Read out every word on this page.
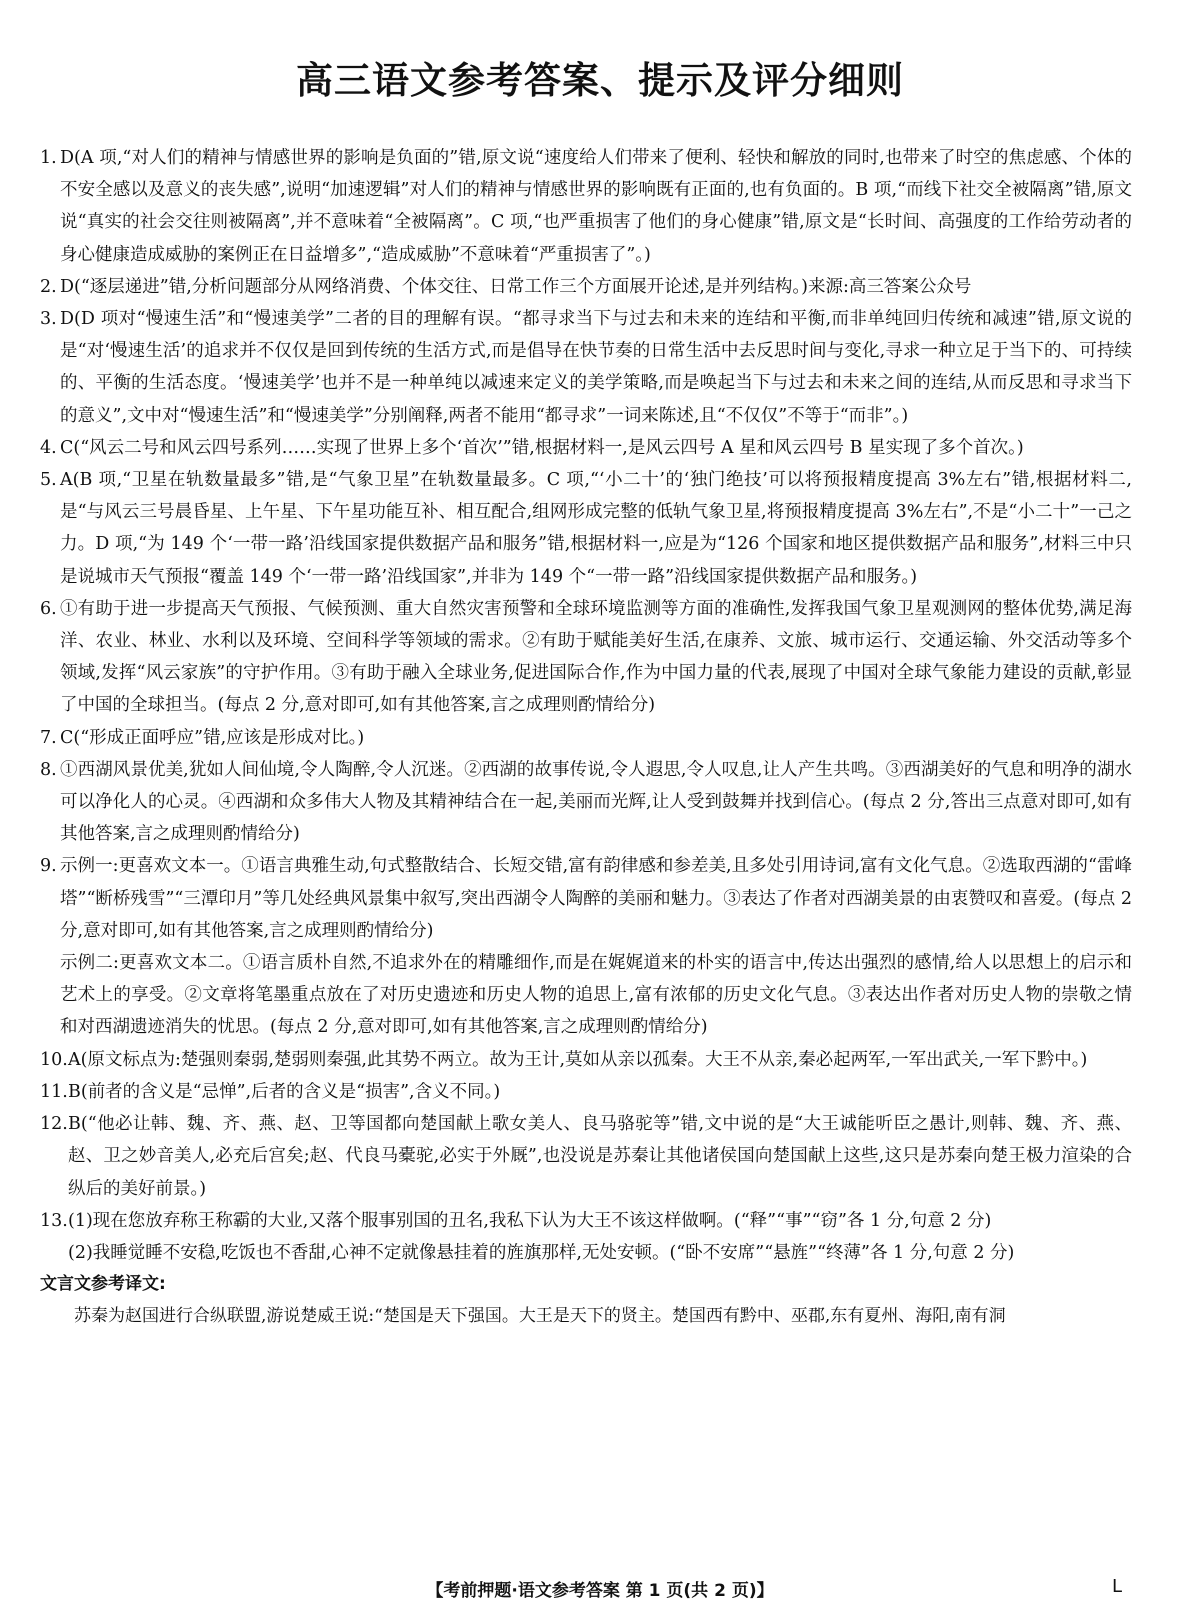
高三语文参考答案、提示及评分细则
1. D(A 项,“对人们的精神与情感世界的影响是负面的”错,原文说“速度给人们带来了便利、轻快和解放的同时,也带来了时空的焦虑感、个体的不安全感以及意义的丧失感”,说明“加速逻辑”对人们的精神与情感世界的影响既有正面的,也有负面的。B 项,“而线下社交全被隔离”错,原文说“真实的社会交往则被隔离”,并不意味着“全被隔离”。C 项,“也严重损害了他们的身心健康”错,原文是“长时间、高强度的工作给劳动者的身心健康造成威胁的案例正在日益增多”,“造成威胁”不意味着“严重损害了”。)
2. D(“逐层递进”错,分析问题部分从网络消费、个体交往、日常工作三个方面展开论述,是并列结构。)来源:高三答案公众号
3. D(D 项对“慢速生活”和“慢速美学”二者的目的理解有误。“都寻求当下与过去和未来的连结和平衡,而非单纯回归传统和减速”错,原文说的是“对‘慢速生活’的追求并不仅仅是回到传统的生活方式,而是倡导在快节奏的日常生活中去反思时间与变化,寻求一种立足于当下的、可持续的、平衡的生活态度。‘慢速美学’也并不是一种单纯以减速来定义的美学策略,而是唤起当下与过去和未来之间的连结,从而反思和寻求当下的意义”,文中对“慢速生活”和“慢速美学”分别阐释,两者不能用“都寻求”一词来陈述,且“不仅仅”不等于“而非”。)
4. C(“风云二号和风云四号系列……实现了世界上多个‘首次’”错,根据材料一,是风云四号 A 星和风云四号 B 星实现了多个首次。)
5. A(B 项,“卫星在轨数量最多”错,是“气象卫星”在轨数量最多。C 项,“‘小二十’的‘独门绝技’可以将预报精度提高 3%左右”错,根据材料二,是“与风云三号晨昏星、上午星、下午星功能互补、相互配合,组网形成完整的低轨气象卫星,将预报精度提高 3%左右”,不是“小二十”一己之力。D 项,“为 149 个‘一带一路’沿线国家提供数据产品和服务”错,根据材料一,应是为“126 个国家和地区提供数据产品和服务”,材料三中只是说城市天气预报“覆盖 149 个‘一带一路’沿线国家”,并非为 149 个“一带一路”沿线国家提供数据产品和服务。)
6. ①有助于进一步提高天气预报、气候预测、重大自然灾害预警和全球环境监测等方面的准确性,发挥我国气象卫星观测网的整体优势,满足海洋、农业、林业、水利以及环境、空间科学等领域的需求。②有助于赋能美好生活,在康养、文旅、城市运行、交通运输、外交活动等多个领域,发挥“风云家族”的守护作用。③有助于融入全球业务,促进国际合作,作为中国力量的代表,展现了中国对全球气象能力建设的贡献,彰显了中国的全球担当。(每点 2 分,意对即可,如有其他答案,言之成理则酌情给分)
7. C(“形成正面呼应”错,应该是形成对比。)
8. ①西湖风景优美,犹如人间仙境,令人陶醉,令人沉迷。②西湖的故事传说,令人遐思,令人叹息,让人产生共鸣。③西湖美好的气息和明净的湖水可以净化人的心灵。④西湖和众多伟大人物及其精神结合在一起,美丽而光辉,让人受到鼓舞并找到信心。(每点 2 分,答出三点意对即可,如有其他答案,言之成理则酌情给分)
9. 示例一:更喜欢文本一。①语言典雅生动,句式整散结合、长短交错,富有韵律感和参差美,且多处引用诗词,富有文化气息。②选取西湖的“雷峰塔”“断桥残雪”“三潭印月”等几处经典风景集中叙写,突出西湖令人陶醉的美丽和魅力。③表达了作者对西湖美景的由衷赞叹和喜爱。(每点 2 分,意对即可,如有其他答案,言之成理则酌情给分)

示例二:更喜欢文本二。①语言质朴自然,不追求外在的精雕细作,而是在娓娓道来的朴实的语言中,传达出强烈的感情,给人以思想上的启示和艺术上的享受。②文章将笔墨重点放在了对历史遗迹和历史人物的追思上,富有浓郁的历史文化气息。③表达出作者对历史人物的崇敬之情和对西湖遗迹消失的忧思。(每点 2 分,意对即可,如有其他答案,言之成理则酌情给分)

10. A(原文标点为:楚强则秦弱,楚弱则秦强,此其势不两立。故为王计,莫如从亲以孤秦。大王不从亲,秦必起两军,一军出武关,一军下黔中。)
11. B(前者的含义是“忌惮”,后者的含义是“损害”,含义不同。)
12. B(“他必让韩、魏、齐、燕、赵、卫等国都向楚国献上歌女美人、良马骆驼等”错,文中说的是“大王诚能听臣之愚计,则韩、魏、齐、燕、赵、卫之妙音美人,必充后宫矣;赵、代良马橐驼,必实于外厩”,也没说是苏秦让其他诸侯国向楚国献上这些,这只是苏秦向楚王极力渲染的合纵后的美好前景。)
13. (1)现在您放弃称王称霸的大业,又落个服事别国的丑名,我私下认为大王不该这样做啊。(“释”“事”“窃”各 1 分,句意 2 分)

(2)我睡觉睡不安稳,吃饭也不香甜,心神不定就像悬挂着的旌旗那样,无处安顿。(“卧不安席”“悬旌”“终薄”各 1 分,句意 2 分)

文言文参考译文:

苏秦为赵国进行合纵联盟,游说楚威王说:“楚国是天下强国。大王是天下的贤主。楚国西有黔中、巫郡,东有夏州、海阳,南有洞

【考前押题·语文参考答案 第 1 页(共 2 页)】	L
